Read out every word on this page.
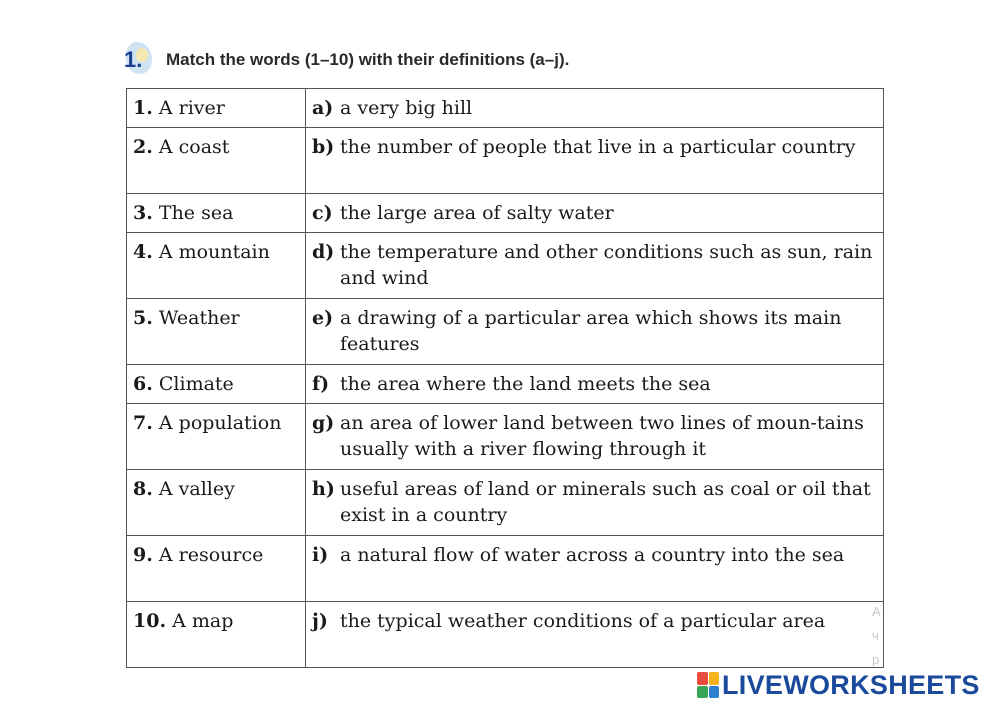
1. Match the words (1–10) with their definitions (a–j).
1. A river	a) a very big hill

2. A coast	b) the number of people that live in a particular country

3. The sea	c) the large area of salty water

4. A mountain	d) the temperature and other conditions such as sun, rain and wind

5. Weather	e) a drawing of a particular area which shows its main features

6. Climate	f) the area where the land meets the sea

7. A population	g) an area of lower land between two lines of moun-tains usually with a river flowing through it

8. A valley	h) useful areas of land or minerals such as coal or oil that exist in a country

9. A resource	i) a natural flow of water across a country into the sea

10. A map	j) the typical weather conditions of a particular area	А
ч
р
LIVEWORKSHEETS
